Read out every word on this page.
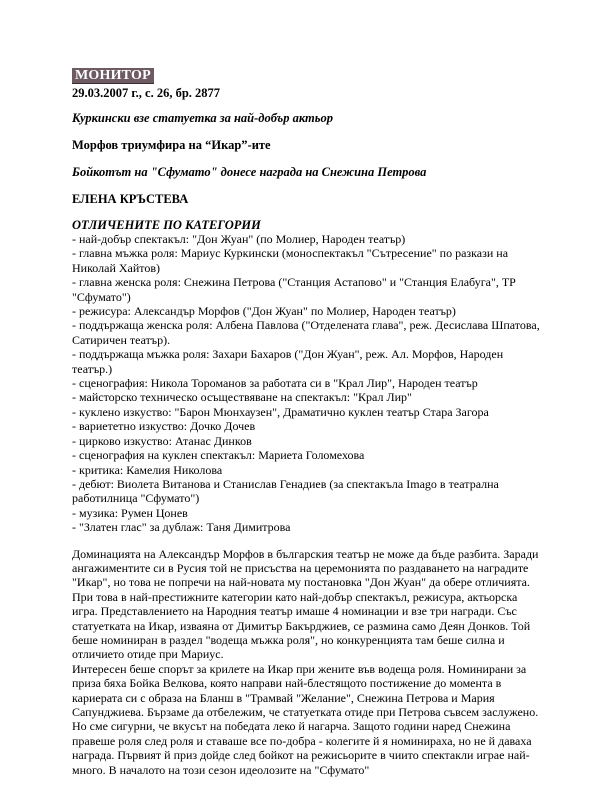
МОНИТОР
29.03.2007 г., с. 26, бр. 2877
Куркински взе статуетка за най-добър актьор
Морфов триумфира на “Икар”-ите
Бойкотът на "Сфумато" донесе награда на Снежина Петрова
ЕЛЕНА КРЪСТЕВА
ОТЛИЧЕНИТЕ ПО КАТЕГОРИИ
- най-добър спектакъл: "Дон Жуан" (по Молиер, Народен театър)
- главна мъжка роля: Мариус Куркински (моноспектакъл "Сътресение" по разкази на Николай Хайтов)
- главна женска роля: Снежина Петрова ("Станция Астапово" и "Станция Елабуга", ТР "Сфумато")
- режисура: Александър Морфов ("Дон Жуан" по Молиер, Народен театър)
- поддържаща женска роля: Албена Павлова ("Отделената глава", реж. Десислава Шпатова, Сатиричен театър).
- поддържаща мъжка роля: Захари Бахаров ("Дон Жуан", реж. Ал. Морфов, Народен театър.)
- сценография: Никола Тороманов за работата си в "Крал Лир", Народен театър
- майсторско техническо осъществяване на спектакъл: "Крал Лир"
- куклено изкуство: "Барон Мюнхаузен", Драматично куклен театър Стара Загора
- вариететно изкуство: Дочко Дочев
- цирково изкуство: Атанас Динков
- сценография на куклен спектакъл: Мариета Голомехова
- критика: Камелия Николова
- дебют: Виолета Витанова и Станислав Генадиев (за спектакъла Imago в театрална работилница "Сфумато")
- музика: Румен Цонев
- "Златен глас" за дублаж: Таня Димитрова

Доминацията на Александър Морфов в българския театър не може да бъде разбита. Заради ангажиментите си в Русия той не присъства на церемонията по раздаването на наградите "Икар", но това не попречи на най-новата му постановка "Дон Жуан" да обере отличията. При това в най-престижните категории като най-добър спектакъл, режисура, актьорска игра. Представлението на Народния театър имаше 4 номинации и взе три награди. Със статуетката на Икар, изваяна от Димитър Бакърджиев, се размина само Деян Донков. Той беше номиниран в раздел "водеща мъжка роля", но конкуренцията там беше силна и отличието отиде при Мариус.

Интересен беше спорът за крилете на Икар при жените във водеща роля. Номинирани за приза бяха Бойка Велкова, която направи най-блестящото постижение до момента в кариерата си с образа на Бланш в "Трамвай "Желание", Снежина Петрова и Мария Сапунджиева. Бързаме да отбележим, че статуетката отиде при Петрова съвсем заслужено. Но сме сигурни, че вкусът на победата леко й нагарча. Защото години наред Снежина правеше роля след роля и ставаше все по-добра - колегите й я номинираха, но не й даваха награда. Първият й приз дойде след бойкот на режисьорите в чиито спектакли играе най-много. В началото на този сезон идеолозите на "Сфумато"
